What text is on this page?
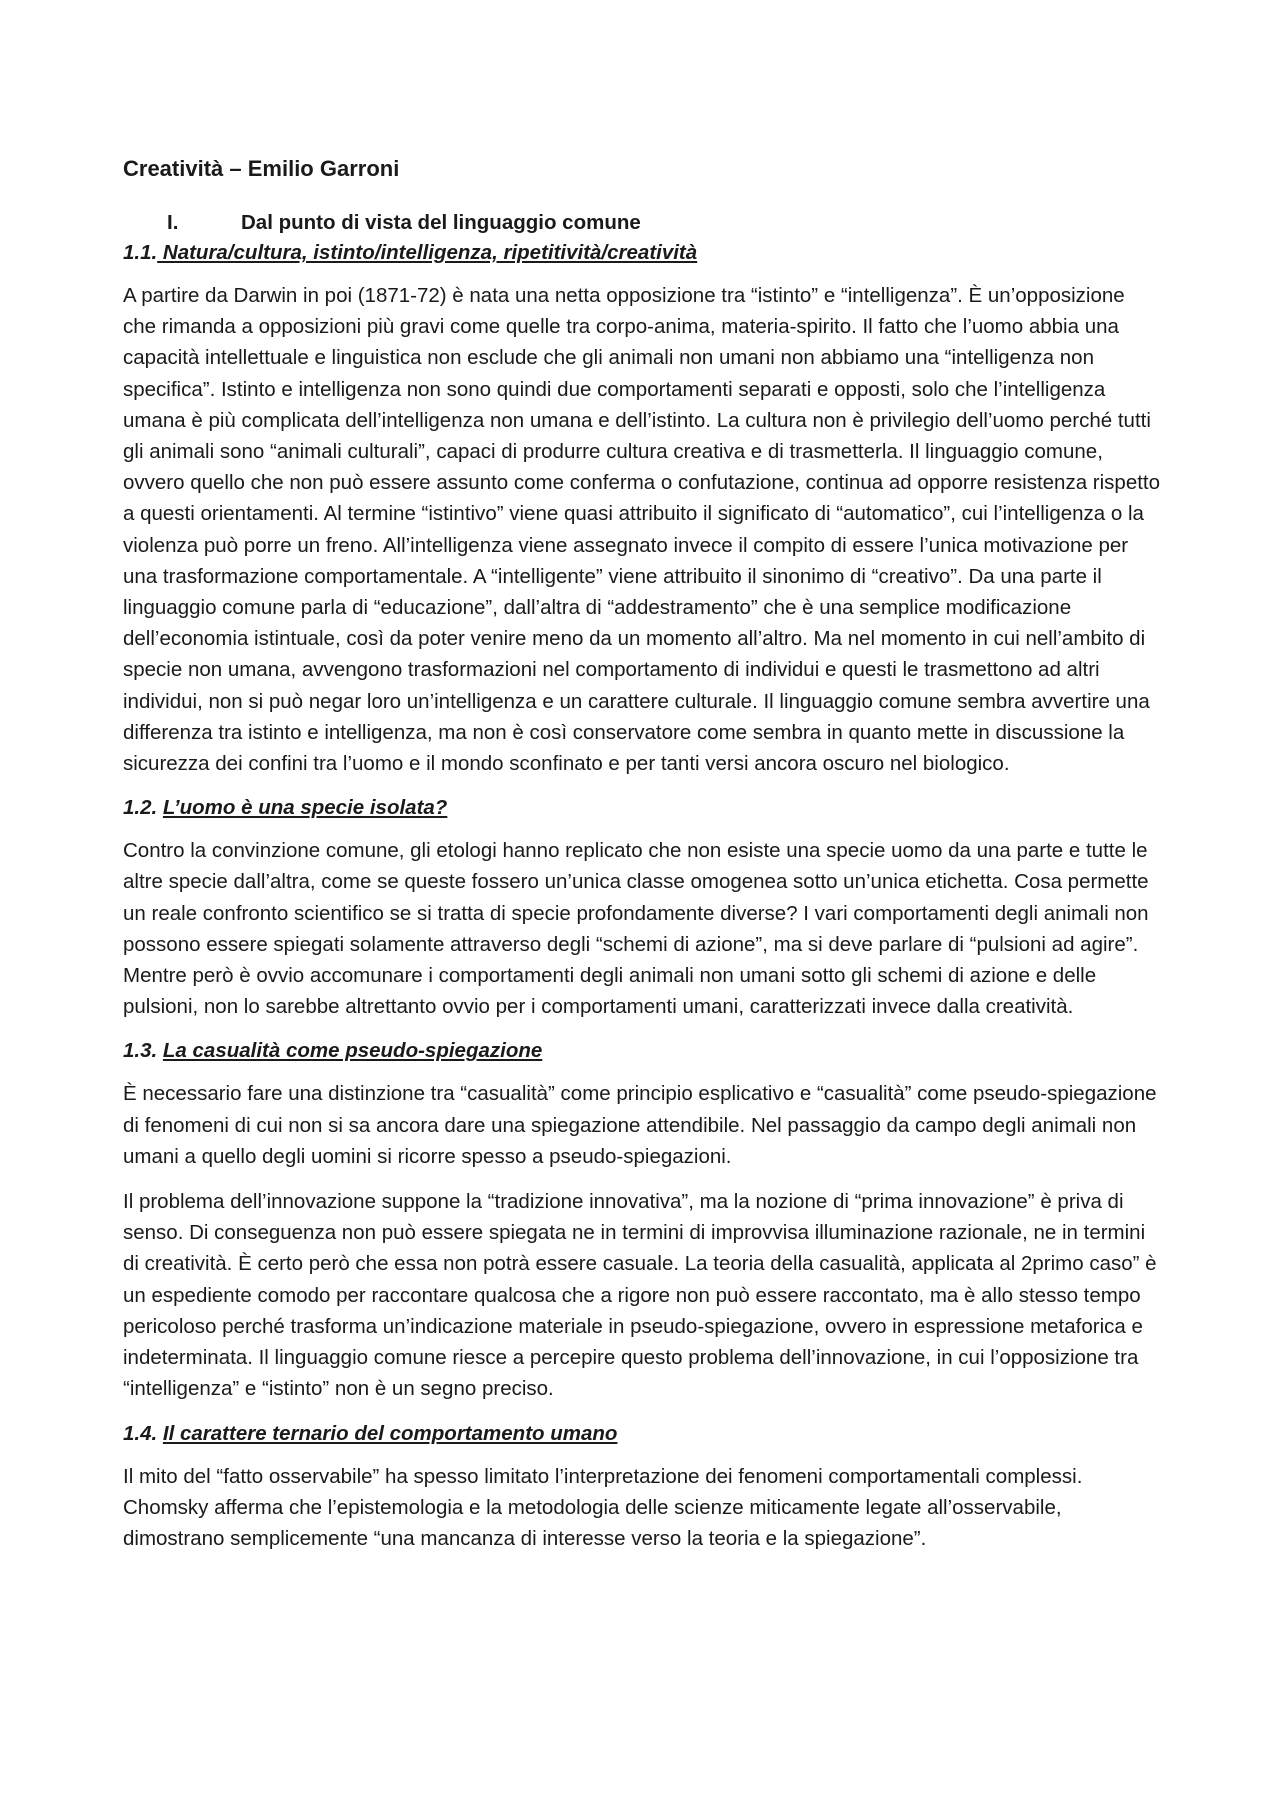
Creatività – Emilio Garroni
I.	Dal punto di vista del linguaggio comune
1.1. Natura/cultura, istinto/intelligenza, ripetitività/creatività

A partire da Darwin in poi (1871-72) è nata una netta opposizione tra “istinto” e “intelligenza”. È un’opposizione che rimanda a opposizioni più gravi come quelle tra corpo-anima, materia-spirito. Il fatto che l’uomo abbia una capacità intellettuale e linguistica non esclude che gli animali non umani non abbiamo una “intelligenza non specifica”. Istinto e intelligenza non sono quindi due comportamenti separati e opposti, solo che l’intelligenza umana è più complicata dell’intelligenza non umana e dell’istinto. La cultura non è privilegio dell’uomo perché tutti gli animali sono “animali culturali”, capaci di produrre cultura creativa e di trasmetterla. Il linguaggio comune, ovvero quello che non può essere assunto come conferma o confutazione, continua ad opporre resistenza rispetto a questi orientamenti. Al termine “istintivo” viene quasi attribuito il significato di “automatico”, cui l’intelligenza o la violenza può porre un freno. All’intelligenza viene assegnato invece il compito di essere l’unica motivazione per una trasformazione comportamentale. A “intelligente” viene attribuito il sinonimo di “creativo”. Da una parte il linguaggio comune parla di “educazione”, dall’altra di “addestramento” che è una semplice modificazione dell’economia istintuale, così da poter venire meno da un momento all’altro. Ma nel momento in cui nell’ambito di specie non umana, avvengono trasformazioni nel comportamento di individui e questi le trasmettono ad altri individui, non si può negar loro un’intelligenza e un carattere culturale. Il linguaggio comune sembra avvertire una differenza tra istinto e intelligenza, ma non è così conservatore come sembra in quanto mette in discussione la sicurezza dei confini tra l’uomo e il mondo sconfinato e per tanti versi ancora oscuro nel biologico.

1.2. L’uomo è una specie isolata?

Contro la convinzione comune, gli etologi hanno replicato che non esiste una specie uomo da una parte e tutte le altre specie dall’altra, come se queste fossero un’unica classe omogenea sotto un’unica etichetta. Cosa permette un reale confronto scientifico se si tratta di specie profondamente diverse? I vari comportamenti degli animali non possono essere spiegati solamente attraverso degli “schemi di azione”, ma si deve parlare di “pulsioni ad agire”. Mentre però è ovvio accomunare i comportamenti degli animali non umani sotto gli schemi di azione e delle pulsioni, non lo sarebbe altrettanto ovvio per i comportamenti umani, caratterizzati invece dalla creatività.

1.3. La casualità come pseudo-spiegazione

È necessario fare una distinzione tra “casualità” come principio esplicativo e “casualità” come pseudo-spiegazione di fenomeni di cui non si sa ancora dare una spiegazione attendibile. Nel passaggio da campo degli animali non umani a quello degli uomini si ricorre spesso a pseudo-spiegazioni.

Il problema dell’innovazione suppone la “tradizione innovativa”, ma la nozione di “prima innovazione” è priva di senso. Di conseguenza non può essere spiegata ne in termini di improvvisa illuminazione razionale, ne in termini di creatività. È certo però che essa non potrà essere casuale. La teoria della casualità, applicata al 2primo caso” è un espediente comodo per raccontare qualcosa che a rigore non può essere raccontato, ma è allo stesso tempo pericoloso perché trasforma un’indicazione materiale in pseudo-spiegazione, ovvero in espressione metaforica e indeterminata. Il linguaggio comune riesce a percepire questo problema dell’innovazione, in cui l’opposizione tra “intelligenza” e “istinto” non è un segno preciso.

1.4. Il carattere ternario del comportamento umano

Il mito del “fatto osservabile” ha spesso limitato l’interpretazione dei fenomeni comportamentali complessi. Chomsky afferma che l’epistemologia e la metodologia delle scienze miticamente legate all’osservabile, dimostrano semplicemente “una mancanza di interesse verso la teoria e la spiegazione”.
